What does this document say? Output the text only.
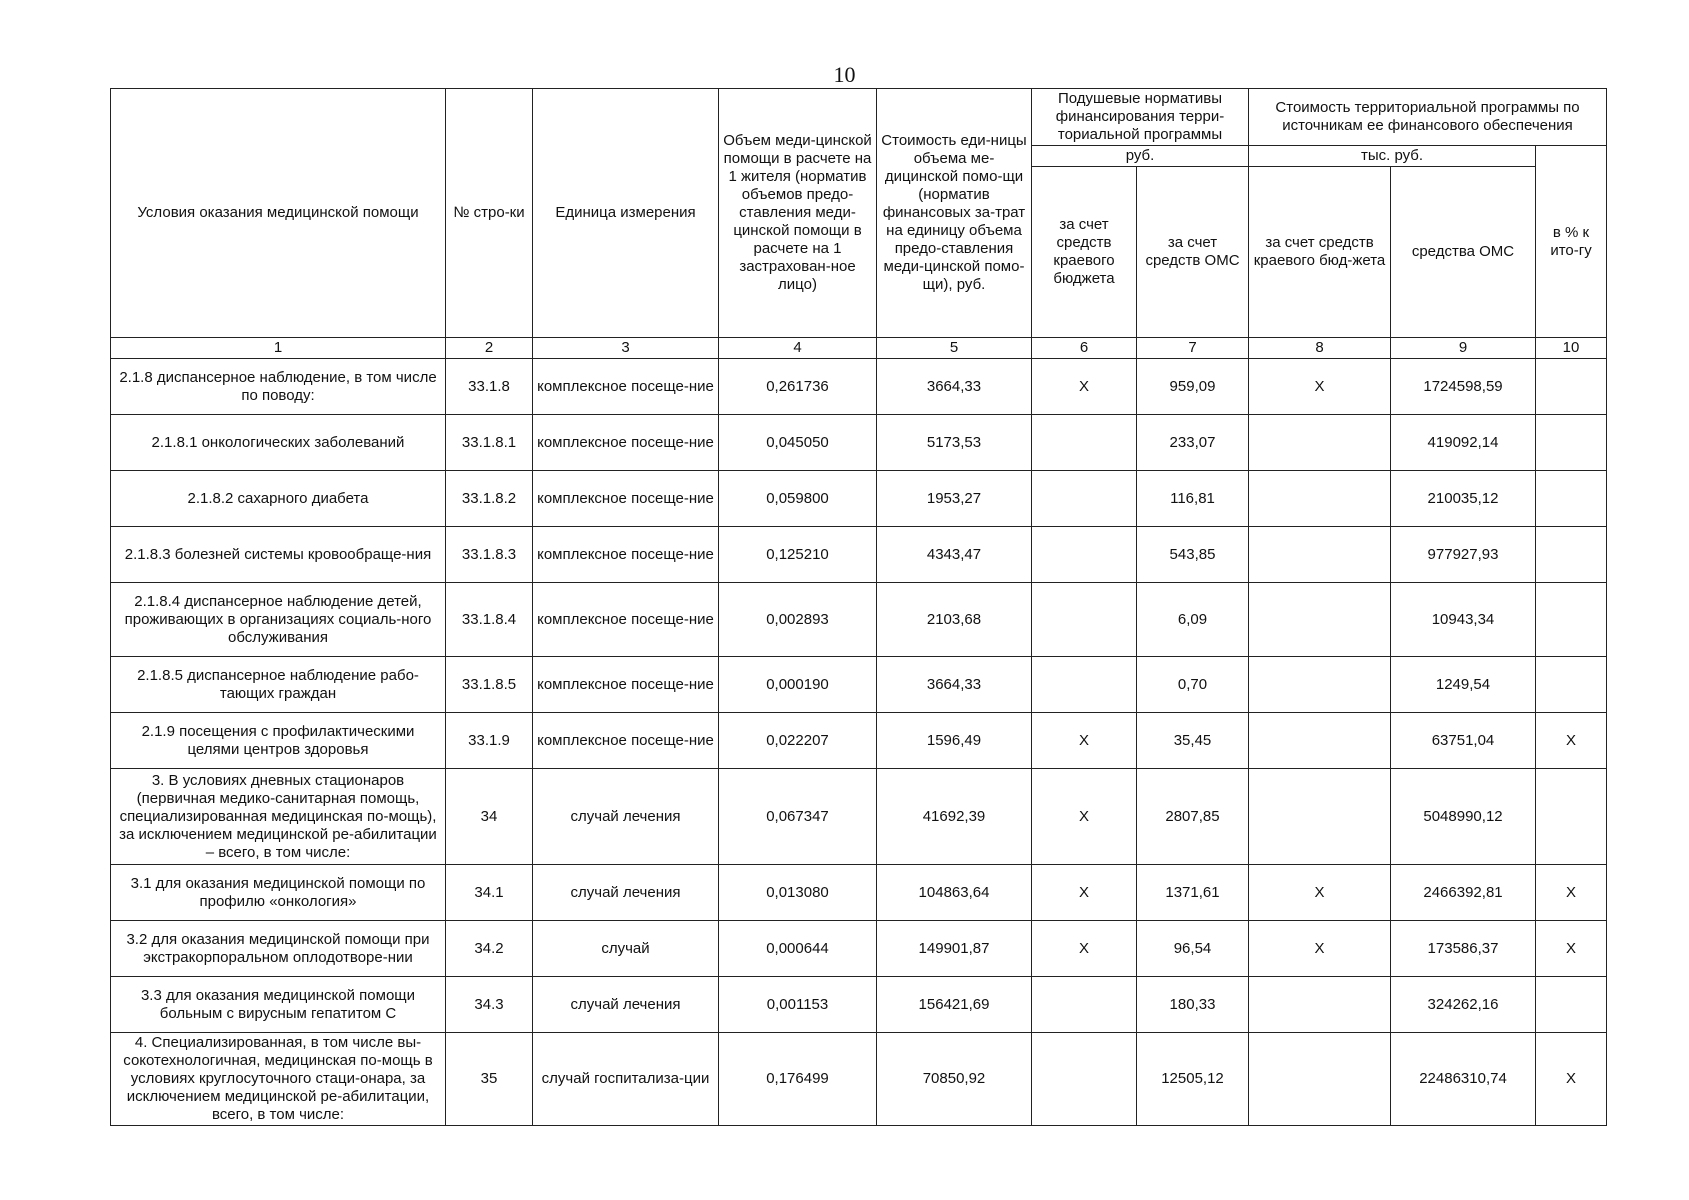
10
Условия оказания медицинской помощи	№ стро-ки	Единица измерения	Объем меди-цинской помощи в расчете на 1 жителя (норматив объемов предо-ставления меди-цинской помощи в расчете на 1 застрахован-ное лицо)	Стоимость еди-ницы объема ме-дицинской помо-щи (норматив финансовых за-трат на единицу объема предо-ставления меди-цинской помо-щи), руб.	Подушевые нормативы финансирования терри-ториальной программы		Стоимость территориальной программы по источникам ее финансового обеспечения		
					руб.		тыс. руб.		в % к ито-гу
					за счет средств краевого бюджета	за счет средств ОМС	за счет средств краевого бюд-жета	средства ОМС	
1	2	3	4	5	6	7	8	9	10
2.1.8 диспансерное наблюдение, в том числе по поводу:	33.1.8	комплексное посеще-ние	0,261736	3664,33	Х	959,09	Х	1724598,59	
2.1.8.1 онкологических заболеваний	33.1.8.1	комплексное посеще-ние	0,045050	5173,53		233,07		419092,14	
2.1.8.2 сахарного диабета	33.1.8.2	комплексное посеще-ние	0,059800	1953,27		116,81		210035,12	
2.1.8.3 болезней системы кровообраще-ния	33.1.8.3	комплексное посеще-ние	0,125210	4343,47		543,85		977927,93	
2.1.8.4 диспансерное наблюдение детей, проживающих в организациях социаль-ного обслуживания	33.1.8.4	комплексное посеще-ние	0,002893	2103,68		6,09		10943,34	
2.1.8.5 диспансерное наблюдение рабо-тающих граждан	33.1.8.5	комплексное посеще-ние	0,000190	3664,33		0,70		1249,54	
2.1.9 посещения с профилактическими целями центров здоровья	33.1.9	комплексное посеще-ние	0,022207	1596,49	Х	35,45		63751,04	Х
3. В условиях дневных стационаров (первичная медико-санитарная помощь, специализированная медицинская по-мощь), за исключением медицинской ре-абилитации – всего, в том числе:	34	случай лечения	0,067347	41692,39	Х	2807,85		5048990,12	
3.1 для оказания медицинской помощи по профилю «онкология»	34.1	случай лечения	0,013080	104863,64	Х	1371,61	Х	2466392,81	Х
3.2 для оказания медицинской помощи при экстракорпоральном оплодотворе-нии	34.2	случай	0,000644	149901,87	Х	96,54	Х	173586,37	Х
3.3 для оказания медицинской помощи больным с вирусным гепатитом С	34.3	случай лечения	0,001153	156421,69		180,33		324262,16	
4. Специализированная, в том числе вы-сокотехнологичная, медицинская по-мощь в условиях круглосуточного стаци-онара, за исключением медицинской ре-абилитации, всего, в том числе:	35	случай госпитализа-ции	0,176499	70850,92		12505,12		22486310,74	Х
